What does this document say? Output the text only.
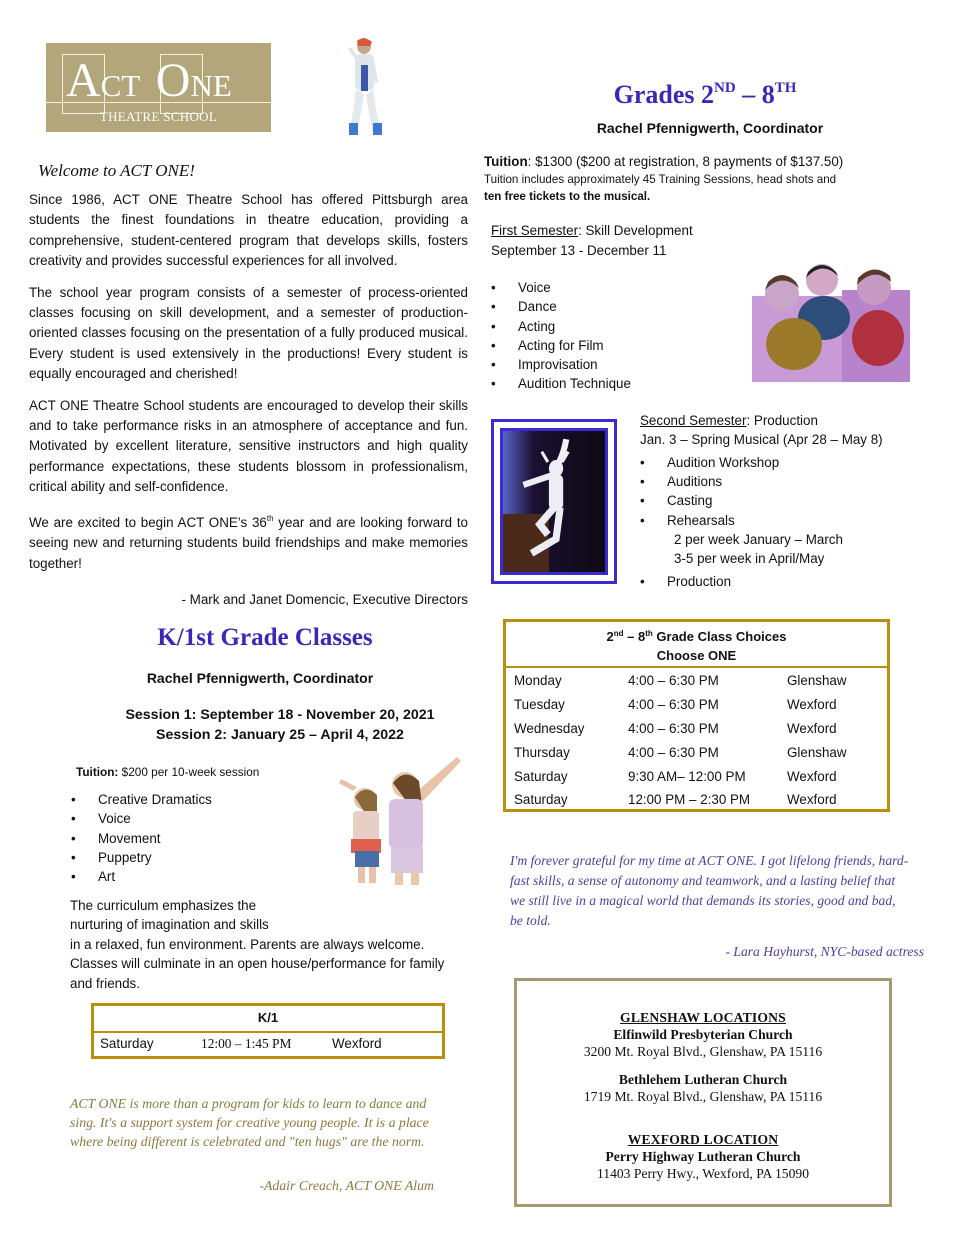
ACT ONE
THEATRE SCHOOL
Welcome to ACT ONE!

Since 1986, ACT ONE Theatre School has offered Pittsburgh area students the finest foundations in theatre education, providing a comprehensive, student-centered program that develops skills, fosters creativity and provides successful experiences for all involved.

The school year program consists of a semester of process-oriented classes focusing on skill development, and a semester of production-oriented classes focusing on the presentation of a fully produced musical. Every student is used extensively in the productions! Every student is equally encouraged and cherished!

ACT ONE Theatre School students are encouraged to develop their skills and to take performance risks in an atmosphere of acceptance and fun. Motivated by excellent literature, sensitive instructors and high quality performance expectations, these students blossom in professionalism, critical ability and self-confidence.

We are excited to begin ACT ONE’s 36th year and are looking forward to seeing new and returning students build friendships and make memories together!

- Mark and Janet Domencic, Executive Directors
Grades 2ND – 8TH
Rachel Pfennigwerth, Coordinator
Tuition: $1300 ($200 at registration, 8 payments of $137.50)
Tuition includes approximately 45 Training Sessions, head shots and
ten free tickets to the musical.
First Semester: Skill Development
September 13 - December 11
• Voice
• Dance
• Acting
• Acting for Film
• Improvisation
• Audition Technique
Second Semester: Production
Jan. 3 – Spring Musical (Apr 28 – May 8)
• Audition Workshop
• Auditions
• Casting
• Rehearsals
2 per week January – March
3-5 per week in April/May
• Production
2nd – 8th Grade Class Choices
Choose ONE
Monday	4:00 – 6:30 PM	Glenshaw
Tuesday	4:00 – 6:30 PM	Wexford
Wednesday	4:00 – 6:30 PM	Wexford
Thursday	4:00 – 6:30 PM	Glenshaw
Saturday	9:30 AM– 12:00 PM	Wexford
Saturday	12:00 PM – 2:30 PM	Wexford
I'm forever grateful for my time at ACT ONE. I got lifelong friends, hard-fast skills, a sense of autonomy and teamwork, and a lasting belief that we still live in a magical world that demands its stories, good and bad, be told.
- Lara Hayhurst, NYC-based actress
GLENSHAW LOCATIONS
Elfinwild Presbyterian Church
3200 Mt. Royal Blvd., Glenshaw, PA 15116
Bethlehem Lutheran Church
1719 Mt. Royal Blvd., Glenshaw, PA 15116
WEXFORD LOCATION
Perry Highway Lutheran Church
11403 Perry Hwy., Wexford, PA 15090
K/1st Grade Classes
Rachel Pfennigwerth, Coordinator
Session 1: September 18 - November 20, 2021
Session 2: January 25 – April 4, 2022
Tuition: $200 per 10-week session
• Creative Dramatics
• Voice
• Movement
• Puppetry
• Art
The curriculum emphasizes the
nurturing of imagination and skills
in a relaxed, fun environment. Parents are always welcome. Classes will culminate in an open house/performance for family and friends.
K/1
Saturday	12:00 – 1:45 PM	Wexford
ACT ONE is more than a program for kids to learn to dance and sing. It's a support system for creative young people. It is a place where being different is celebrated and "ten hugs" are the norm.
-Adair Creach, ACT ONE Alum
